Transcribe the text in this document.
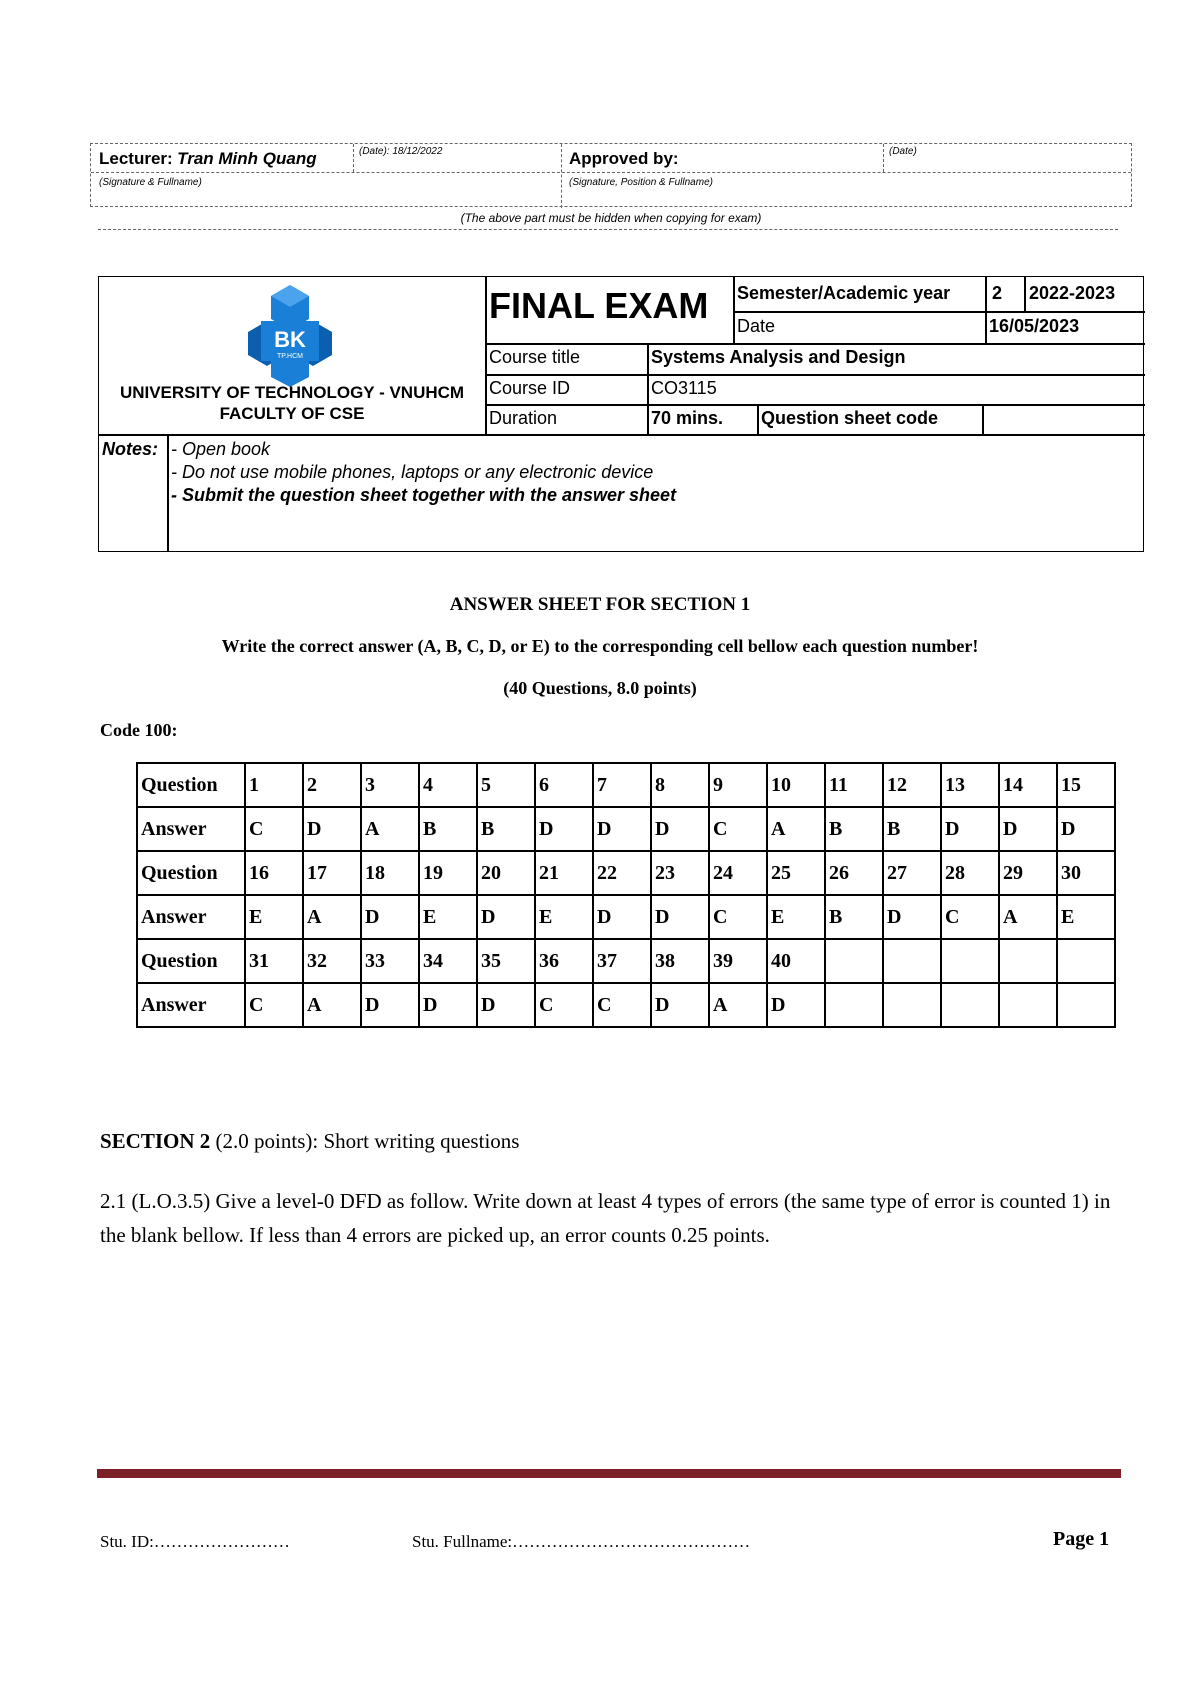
Lecturer: Tran Minh Quang	(Date): 18/12/2022	Approved by:	(Date)
(Signature & Fullname)	(Signature, Position & Fullname)
(The above part must be hidden when copying for exam)
BK
TP.HCM
UNIVERSITY OF TECHNOLOGY - VNUHCM
FACULTY OF CSE
FINAL EXAM Semester/Academic year 2 2022-2023
Date	16/05/2023
Course title	Systems Analysis and Design
Course ID	CO3115
Duration	70 mins. Question sheet code
Notes: - Open book
- Do not use mobile phones, laptops or any electronic device
- Submit the question sheet together with the answer sheet
ANSWER SHEET FOR SECTION 1
Write the correct answer (A, B, C, D, or E) to the corresponding cell bellow each question number!
(40 Questions, 8.0 points)
Code 100:
Question	1	2	3	4	5	6	7	8	9	10	11	12	13	14	15
Answer	C	D	A	B	B	D	D	D	C	A	B	B	D	D	D
Question	16	17	18	19	20	21	22	23	24	25	26	27	28	29	30
Answer	E	A	D	E	D	E	D	D	C	E	B	D	C	A	E
Question	31	32	33	34	35	36	37	38	39	40					
Answer	C	A	D	D	D	C	C	D	A	D					
SECTION 2 (2.0 points): Short writing questions
2.1 (L.O.3.5) Give a level-0 DFD as follow. Write down at least 4 types of errors (the same type of error is counted 1) in the blank bellow. If less than 4 errors are picked up, an error counts 0.25 points.
Stu. ID:……………………	Stu. Fullname:……………………………………	Page 1
